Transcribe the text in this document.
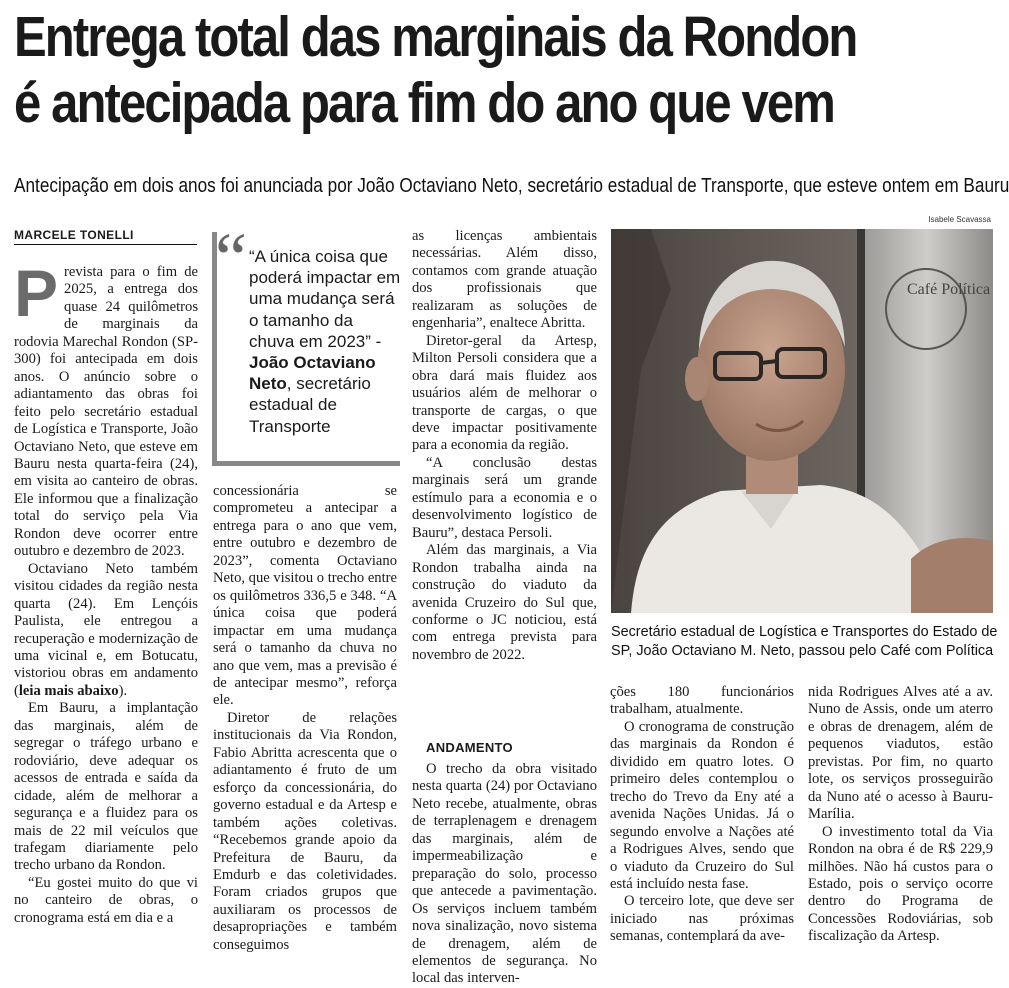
Entrega total das marginais da Rondon
é antecipada para fim do ano que vem
Antecipação em dois anos foi anunciada por João Octaviano Neto, secretário estadual de Transporte, que esteve ontem em Bauru
Isabele Scavassa
MARCELE TONELLI

Prevista para o fim de 2025, a entrega dos quase 24 quilômetros de marginais da rodovia Marechal Rondon (SP-300) foi antecipada em dois anos. O anúncio sobre o adiantamento das obras foi feito pelo secretário estadual de Logística e Transporte, João Octaviano Neto, que esteve em Bauru nesta quarta-feira (24), em visita ao canteiro de obras. Ele informou que a finalização total do serviço pela Via Rondon deve ocorrer entre outubro e dezembro de 2023.

Octaviano Neto também visitou cidades da região nesta quarta (24). Em Lençóis Paulista, ele entregou a recuperação e modernização de uma vicinal e, em Botucatu, vistoriou obras em andamento (leia mais abaixo).

Em Bauru, a implantação das marginais, além de segregar o tráfego urbano e rodoviário, deve adequar os acessos de entrada e saída da cidade, além de melhorar a segurança e a fluidez para os mais de 22 mil veículos que trafegam diariamente pelo trecho urbano da Rondon.

“Eu gostei muito do que vi no canteiro de obras, o cronograma está em dia e a

“ “A única coisa que poderá impactar em uma mudança será o tamanho da chuva em 2023” - João Octaviano Neto, secretário estadual de Transporte

concessionária se comprometeu a antecipar a entrega para o ano que vem, entre outubro e dezembro de 2023”, comenta Octaviano Neto, que visitou o trecho entre os quilômetros 336,5 e 348. “A única coisa que poderá impactar em uma mudança será o tamanho da chuva no ano que vem, mas a previsão é de antecipar mesmo”, reforça ele.

Diretor de relações institucionais da Via Rondon, Fabio Abritta acrescenta que o adiantamento é fruto de um esforço da concessionária, do governo estadual e da Artesp e também ações coletivas. “Recebemos grande apoio da Prefeitura de Bauru, da Emdurb e das coletividades. Foram criados grupos que auxiliaram os processos de desapropriações e também conseguimos

as licenças ambientais necessárias. Além disso, contamos com grande atuação dos profissionais que realizaram as soluções de engenharia”, enaltece Abritta.

Diretor-geral da Artesp, Milton Persoli considera que a obra dará mais fluidez aos usuários além de melhorar o transporte de cargas, o que deve impactar positivamente para a economia da região.

“A conclusão destas marginais será um grande estímulo para a economia e o desenvolvimento logístico de Bauru”, destaca Persoli.

Além das marginais, a Via Rondon trabalha ainda na construção do viaduto da avenida Cruzeiro do Sul que, conforme o JC noticiou, está com entrega prevista para novembro de 2022.

ANDAMENTO

O trecho da obra visitado nesta quarta (24) por Octaviano Neto recebe, atualmente, obras de terraplenagem e drenagem das marginais, além de impermeabilização e preparação do solo, processo que antecede a pavimentação. Os serviços incluem também nova sinalização, novo sistema de drenagem, além de elementos de segurança. No local das interven-

Café Política
Secretário estadual de Logística e Transportes do Estado de SP, João Octaviano M. Neto, passou pelo Café com Política

ções 180 funcionários trabalham, atualmente.

O cronograma de construção das marginais da Rondon é dividido em quatro lotes. O primeiro deles contemplou o trecho do Trevo da Eny até a avenida Nações Unidas. Já o segundo envolve a Nações até a Rodrigues Alves, sendo que o viaduto da Cruzeiro do Sul está incluído nesta fase.

O terceiro lote, que deve ser iniciado nas próximas semanas, contemplará da ave-

nida Rodrigues Alves até a av. Nuno de Assis, onde um aterro e obras de drenagem, além de pequenos viadutos, estão previstas. Por fim, no quarto lote, os serviços prosseguirão da Nuno até o acesso à Bauru-Marília.

O investimento total da Via Rondon na obra é de R$ 229,9 milhões. Não há custos para o Estado, pois o serviço ocorre dentro do Programa de Concessões Rodoviárias, sob fiscalização da Artesp.
